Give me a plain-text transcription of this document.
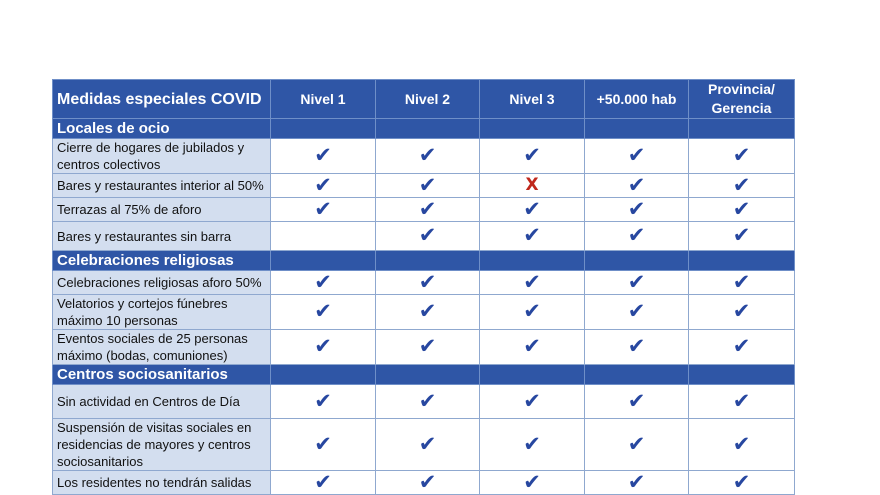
Medidas especiales COVID	Nivel 1	Nivel 2	Nivel 3	+50.000 hab	Provincia/
Gerencia
Locales de ocio					
Cierre de hogares de jubilados y centros colectivos	✔	✔	✔	✔	✔
Bares y restaurantes interior al 50%	✔	✔	X	✔	✔
Terrazas al 75% de aforo	✔	✔	✔	✔	✔
Bares y restaurantes sin barra		✔	✔	✔	✔
Celebraciones religiosas					
Celebraciones religiosas aforo 50%	✔	✔	✔	✔	✔
Velatorios y cortejos fúnebres máximo 10 personas	✔	✔	✔	✔	✔
Eventos sociales de 25 personas máximo (bodas, comuniones)	✔	✔	✔	✔	✔
Centros sociosanitarios					
Sin actividad en Centros de Día	✔	✔	✔	✔	✔
Suspensión de visitas sociales en residencias de mayores y centros sociosanitarios	✔	✔	✔	✔	✔
Los residentes no tendrán salidas	✔	✔	✔	✔	✔
